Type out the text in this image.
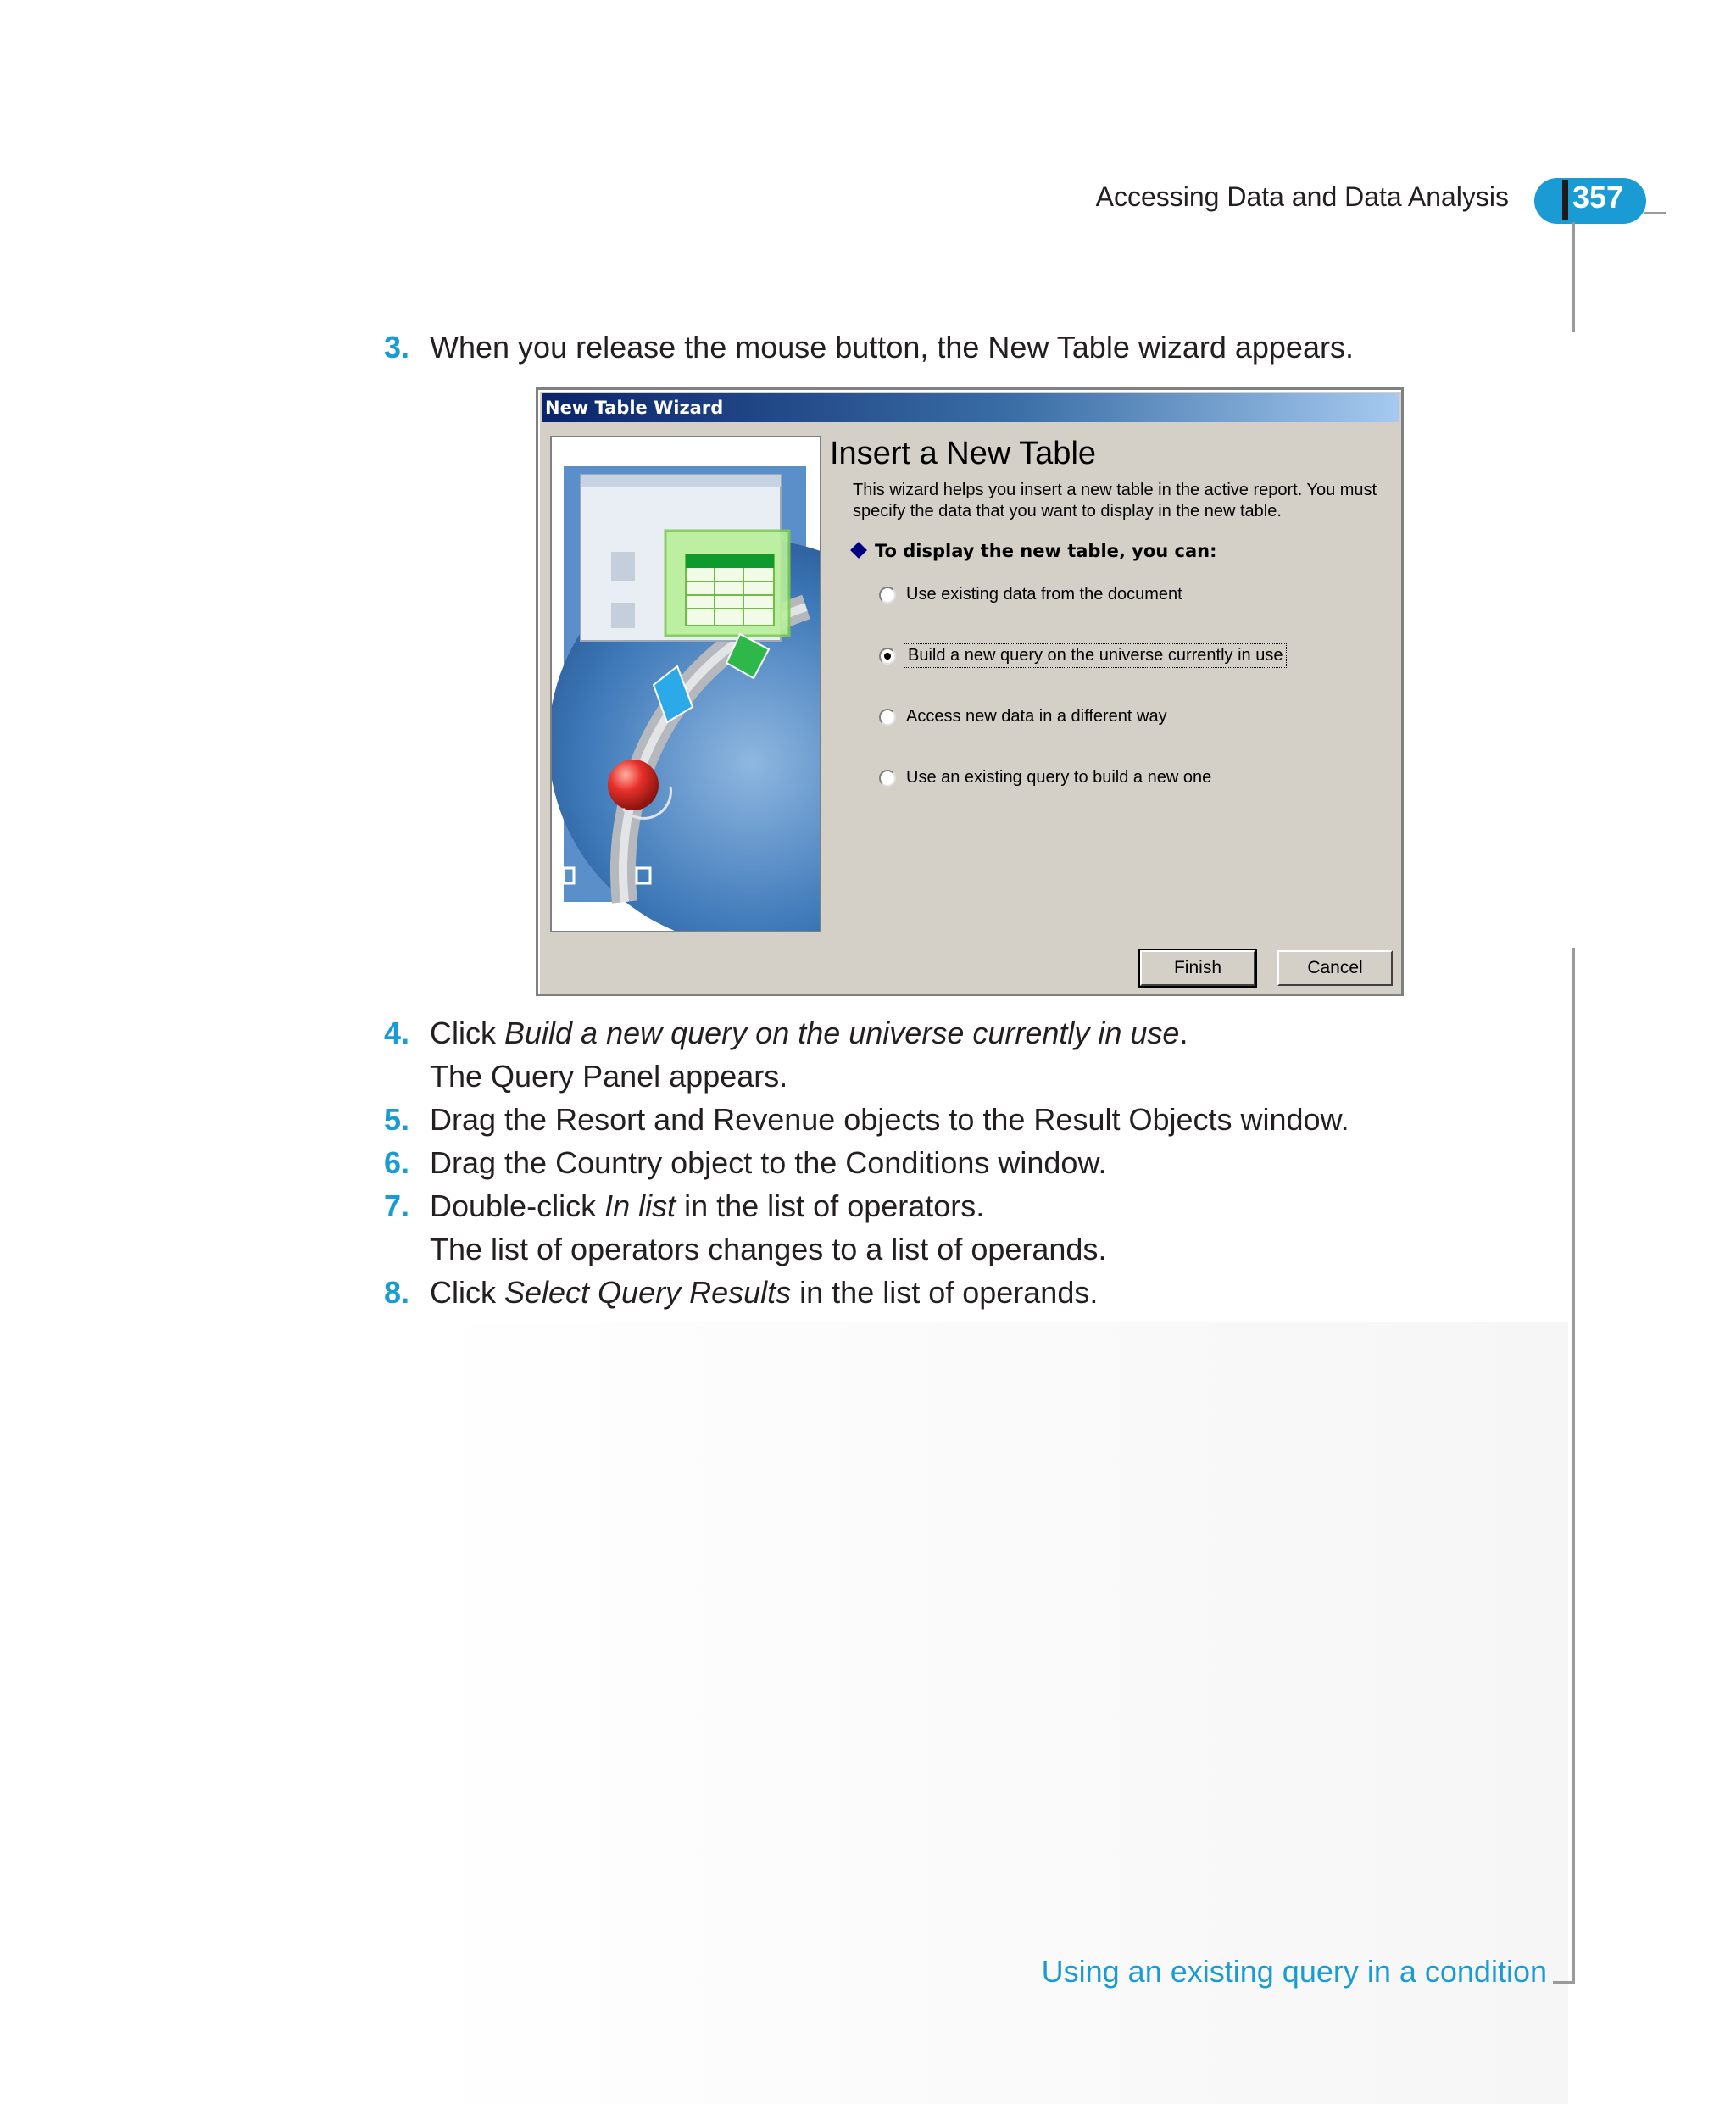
Accessing Data and Data Analysis 357
3. When you release the mouse button, the New Table wizard appears.
New Table Wizard
Insert a New Table
This wizard helps you insert a new table in the active report. You must specify the data that you want to display in the new table.
To display the new table, you can:
Use existing data from the document
Build a new query on the universe currently in use
Access new data in a different way
Use an existing query to build a new one
Finish	Cancel
4. Click Build a new query on the universe currently in use.
The Query Panel appears.
5. Drag the Resort and Revenue objects to the Result Objects window.
6. Drag the Country object to the Conditions window.
7. Double-click In list in the list of operators.
The list of operators changes to a list of operands.
8. Click Select Query Results in the list of operands.
Using an existing query in a condition
